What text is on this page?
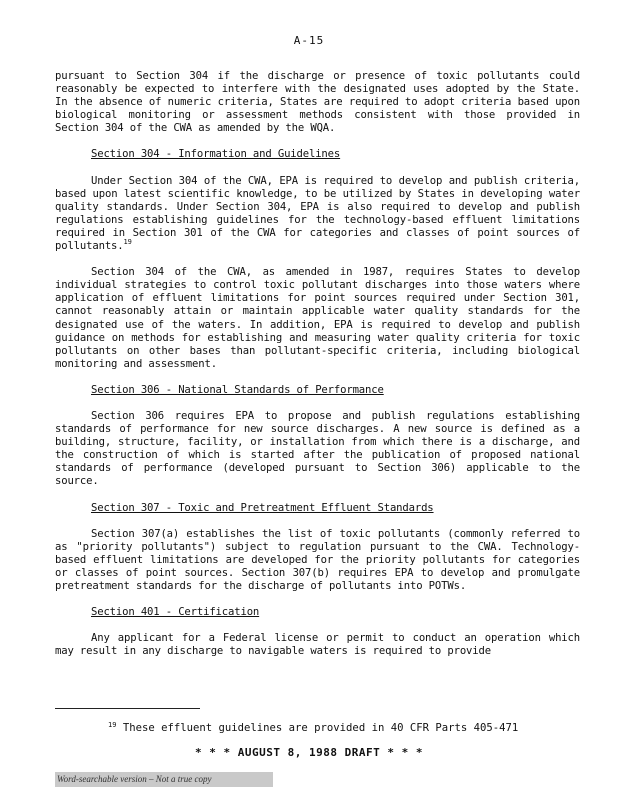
A-15

pursuant to Section 304 if the discharge or presence of toxic pollutants could reasonably be expected to interfere with the designated uses adopted by the State. In the absence of numeric criteria, States are required to adopt criteria based upon biological monitoring or assessment methods consistent with those provided in Section 304 of the CWA as amended by the WQA.

Section 304 - Information and Guidelines

Under Section 304 of the CWA, EPA is required to develop and publish criteria, based upon latest scientific knowledge, to be utilized by States in developing water quality standards. Under Section 304, EPA is also required to develop and publish regulations establishing guidelines for the technology-based effluent limitations required in Section 301 of the CWA for categories and classes of point sources of pollutants.$^{19}$

Section 304 of the CWA, as amended in 1987, requires States to develop individual strategies to control toxic pollutant discharges into those waters where application of effluent limitations for point sources required under Section 301, cannot reasonably attain or maintain applicable water quality standards for the designated use of the waters. In addition, EPA is required to develop and publish guidance on methods for establishing and measuring water quality criteria for toxic pollutants on other bases than pollutant-specific criteria, including biological monitoring and assessment.

Section 306 - National Standards of Performance

Section 306 requires EPA to propose and publish regulations establishing standards of performance for new source discharges. A new source is defined as a building, structure, facility, or installation from which there is a discharge, and the construction of which is started after the publication of proposed national standards of performance (developed pursuant to Section 306) applicable to the source.

Section 307 - Toxic and Pretreatment Effluent Standards

Section 307(a) establishes the list of toxic pollutants (commonly referred to as "priority pollutants") subject to regulation pursuant to the CWA. Technology-based effluent limitations are developed for the priority pollutants for categories or classes of point sources. Section 307(b) requires EPA to develop and promulgate pretreatment standards for the discharge of pollutants into POTWs.

Section 401 - Certification

Any applicant for a Federal license or permit to conduct an operation which may result in any discharge to navigable waters is required to provide

$^{19}$ These effluent guidelines are provided in 40 CFR Parts 405-471
* * * AUGUST 8, 1988 DRAFT * * *
Word-searchable version – Not a true copy
